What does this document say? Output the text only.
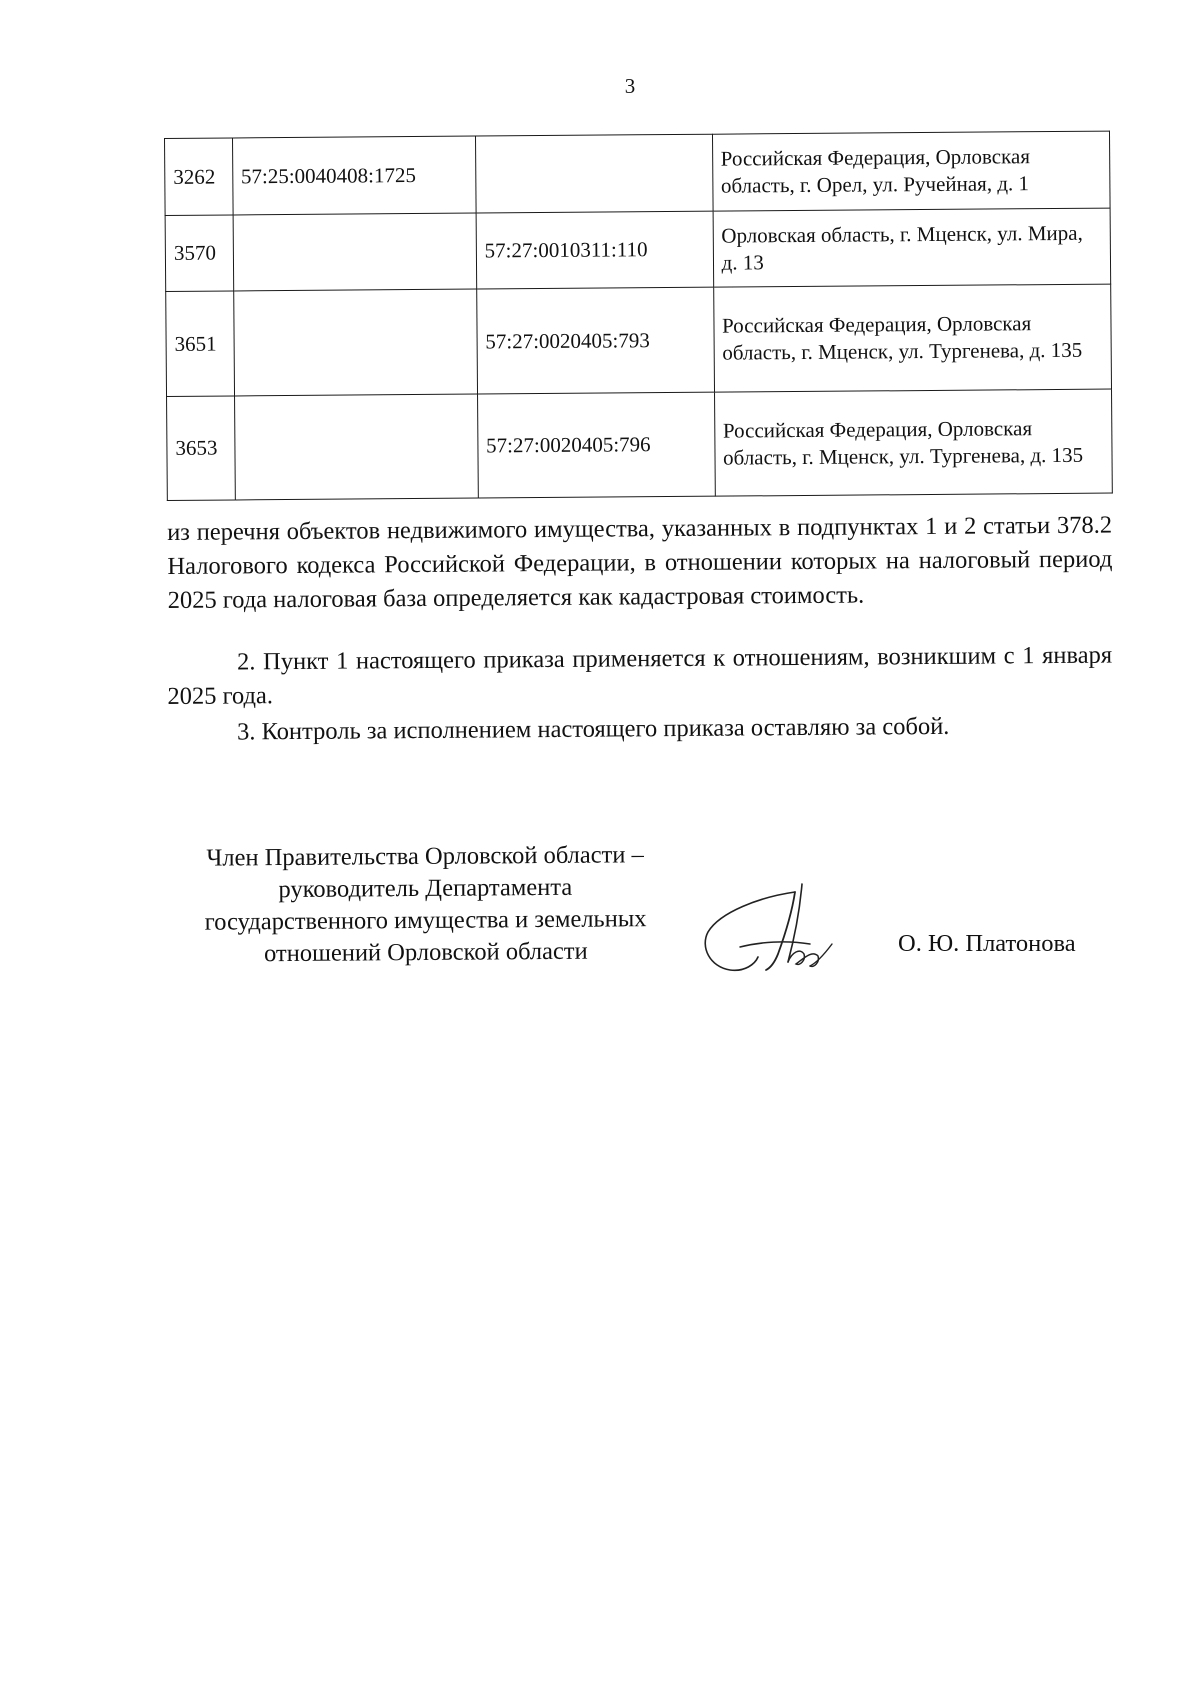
3
3262	57:25:0040408:1725		Российская Федерация, Орловская область, г. Орел, ул. Ручейная, д. 1
3570		57:27:0010311:110	Орловская область, г. Мценск, ул. Мира, д. 13
3651		57:27:0020405:793	Российская Федерация, Орловская область, г. Мценск, ул. Тургенева, д. 135
3653		57:27:0020405:796	Российская Федерация, Орловская область, г. Мценск, ул. Тургенева, д. 135
из перечня объектов недвижимого имущества, указанных в подпунктах 1 и 2 статьи 378.2 Налогового кодекса Российской Федерации, в отношении которых на налоговый период 2025 года налоговая база определяется как кадастровая стоимость.
2. Пункт 1 настоящего приказа применяется к отношениям, возникшим с 1 января 2025 года.
3. Контроль за исполнением настоящего приказа оставляю за собой.
Член Правительства Орловской области –
руководитель Департамента
государственного имущества и земельных
отношений Орловской области	О. Ю. Платонова
